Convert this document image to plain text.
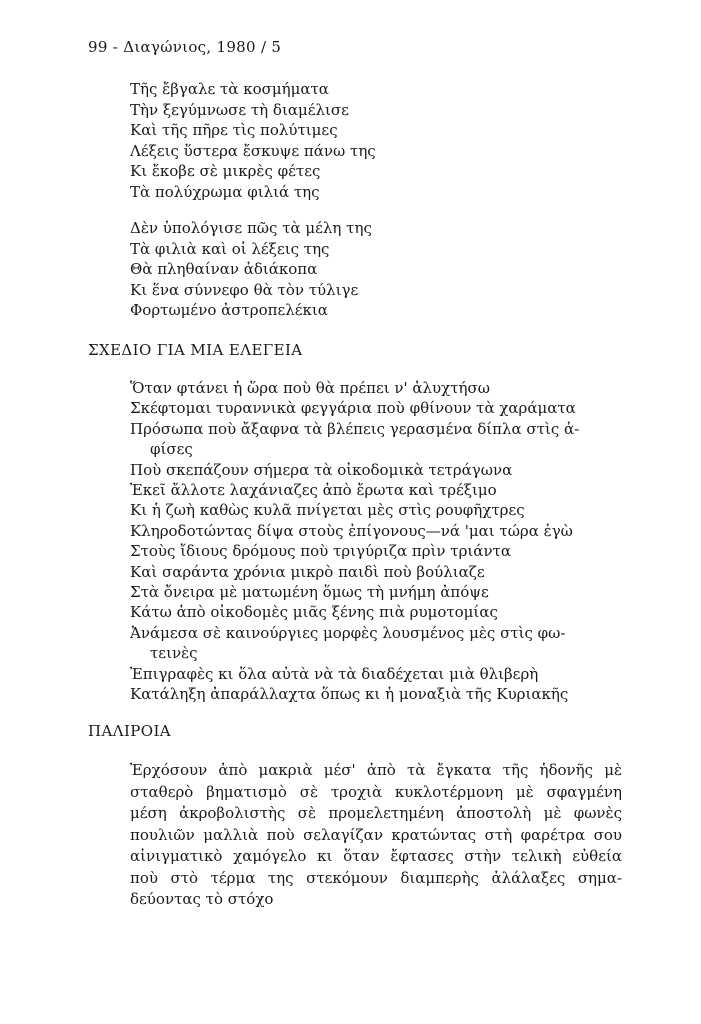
99 - Διαγώνιος, 1980 / 5
Τῆς ἔβγαλε τὰ κοσμήματα
Τὴν ξεγύμνωσε τὴ διαμέλισε
Καὶ τῆς πῆρε τὶς πολύτιμες
Λέξεις ὕστερα ἔσκυψε πάνω της
Κι ἔκοβε σὲ μικρὲς φέτες
Τὰ πολύχρωμα φιλιά της
Δὲν ὑπολόγισε πῶς τὰ μέλη της
Τὰ φιλιὰ καὶ οἱ λέξεις της
Θὰ πληθαίναν ἀδιάκοπα
Κι ἕνα σύννεφο θὰ τὸν τύλιγε
Φορτωμένο ἀστροπελέκια
ΣΧΕΔΙΟ ΓΙΑ ΜΙΑ ΕΛΕΓΕΙΑ
Ὅταν φτάνει ἡ ὥρα ποὺ θὰ πρέπει ν' ἀλυχτήσω
Σκέφτομαι τυραννικὰ φεγγάρια ποὺ φθίνουν τὰ χαράματα
Πρόσωπα ποὺ ἄξαφνα τὰ βλέπεις γερασμένα δίπλα στὶς ἀ-
φίσες
Ποὺ σκεπάζουν σήμερα τὰ οἰκοδομικὰ τετράγωνα
Ἐκεῖ ἄλλοτε λαχάνιαζες ἀπὸ ἔρωτα καὶ τρέξιμο
Κι ἡ ζωὴ καθὼς κυλᾶ πνίγεται μὲς στὶς ρουφῆχτρες
Κληροδοτώντας δίψα στοὺς ἐπίγονους—νά 'μαι τώρα ἐγὼ
Στοὺς ἴδιους δρόμους ποὺ τριγύριζα πρὶν τριάντα
Καὶ σαράντα χρόνια μικρὸ παιδὶ ποὺ βούλιαζε
Στὰ ὄνειρα μὲ ματωμένη ὅμως τὴ μνήμη ἀπόψε
Κάτω ἀπὸ οἰκοδομὲς μιᾶς ξένης πιὰ ρυμοτομίας
Ἀνάμεσα σὲ καινούργιες μορφὲς λουσμένος μὲς στὶς φω-
τεινὲς
Ἐπιγραφὲς κι ὅλα αὐτὰ νὰ τὰ διαδέχεται μιὰ θλιβερὴ
Κατάληξη ἀπαράλλαχτα ὅπως κι ἡ μοναξιὰ τῆς Κυριακῆς
ΠΑΛΙΡΟΙΑ
Ἐρχόσουν ἀπὸ μακριὰ μέσ' ἀπὸ τὰ ἔγκατα τῆς ἡδονῆς μὲ
σταθερὸ βηματισμὸ σὲ τροχιὰ κυκλοτέρμονη μὲ σφαγμένη
μέση ἀκροβολιστὴς σὲ προμελετημένη ἀποστολὴ μὲ φωνὲς
πουλιῶν μαλλιὰ ποὺ σελαγίζαν κρατώντας στὴ φαρέτρα σου
αἰνιγματικὸ χαμόγελο κι ὅταν ἔφτασες στὴν τελικὴ εὐθεία
ποὺ στὸ τέρμα της στεκόμουν διαμπερὴς ἀλάλαξες σημα-
δεύοντας τὸ στόχο
